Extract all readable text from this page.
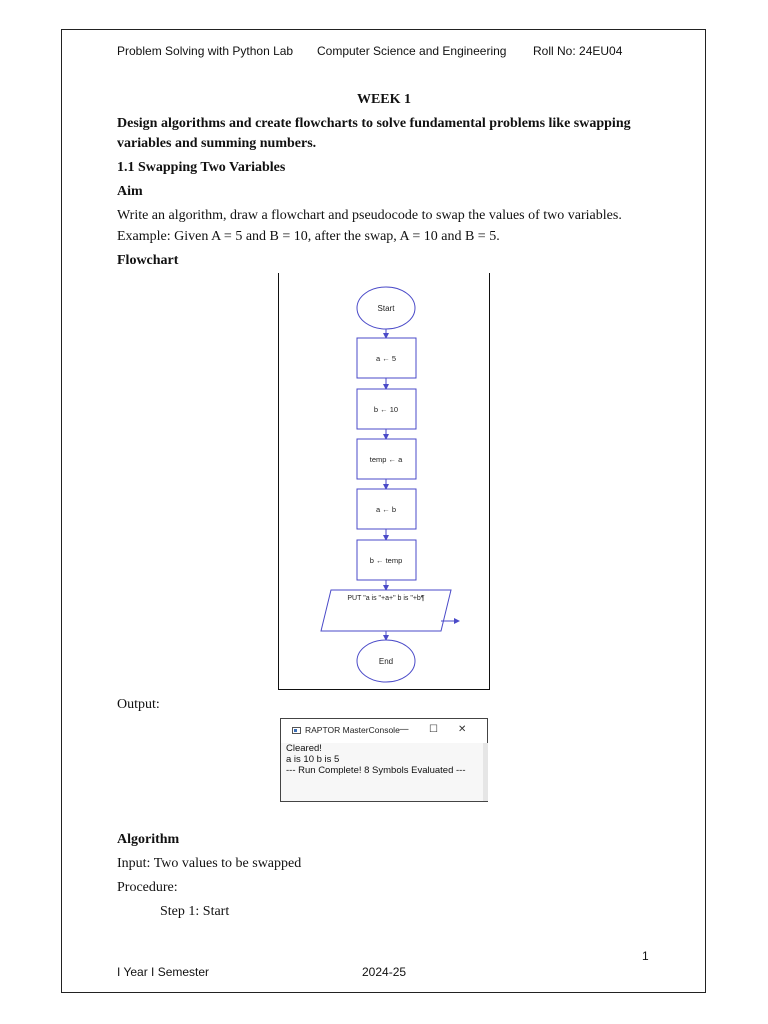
Problem Solving with Python Lab Computer Science and Engineering Roll No: 24EU04
WEEK 1
Design algorithms and create flowcharts to solve fundamental problems like swapping
variables and summing numbers.
1.1 Swapping Two Variables
Aim
Write an algorithm, draw a flowchart and pseudocode to swap the values of two variables.
Example: Given A = 5 and B = 10, after the swap, A = 10 and B = 5.
Flowchart
Start
a ← 5
b ← 10
temp ← a
a ← b
b ← temp
PUT "a is "+a+" b is "+b¶
End
Output:
RAPTOR MasterConsole — ☐ ✕
Cleared!
a is 10 b is 5
--- Run Complete! 8 Symbols Evaluated ---
Algorithm
Input: Two values to be swapped
Procedure:
Step 1: Start
1
I Year I Semester	2024-25
